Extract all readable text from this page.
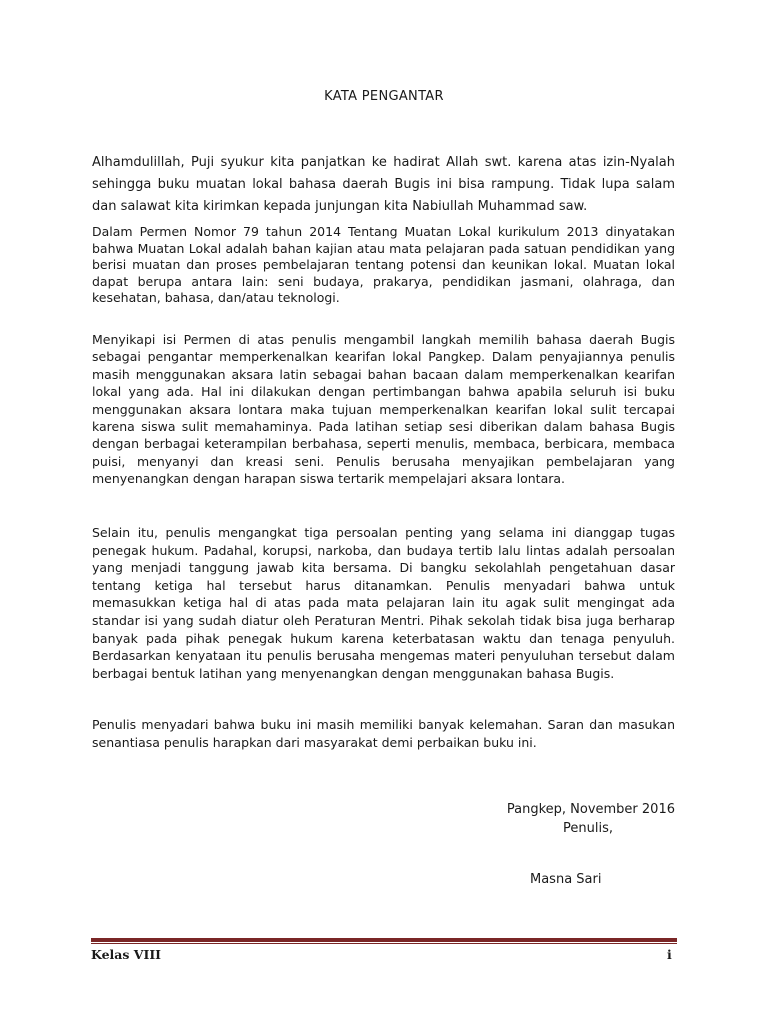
KATA PENGANTAR

Alhamdulillah, Puji syukur kita panjatkan ke hadirat Allah swt. karena atas izin-Nyalah sehingga buku muatan lokal bahasa daerah Bugis ini bisa rampung. Tidak lupa salam dan salawat kita kirimkan kepada junjungan kita Nabiullah Muhammad saw.

Dalam Permen Nomor 79 tahun 2014 Tentang Muatan Lokal kurikulum 2013 dinyatakan bahwa Muatan Lokal adalah bahan kajian atau mata pelajaran pada satuan pendidikan yang berisi muatan dan proses pembelajaran tentang potensi dan keunikan lokal. Muatan lokal dapat berupa antara lain: seni budaya, prakarya, pendidikan jasmani, olahraga, dan kesehatan, bahasa, dan/atau teknologi.

Menyikapi isi Permen di atas penulis mengambil langkah memilih bahasa daerah Bugis sebagai pengantar memperkenalkan kearifan lokal Pangkep. Dalam penyajiannya penulis masih menggunakan aksara latin sebagai bahan bacaan dalam memperkenalkan kearifan lokal yang ada. Hal ini dilakukan dengan pertimbangan bahwa apabila seluruh isi buku menggunakan aksara lontara maka tujuan memperkenalkan kearifan lokal sulit tercapai karena siswa sulit memahaminya. Pada latihan setiap sesi diberikan dalam bahasa Bugis dengan berbagai keterampilan berbahasa, seperti menulis, membaca, berbicara, membaca puisi, menyanyi dan kreasi seni. Penulis berusaha menyajikan pembelajaran yang menyenangkan dengan harapan siswa tertarik mempelajari aksara lontara.

Selain itu, penulis mengangkat tiga persoalan penting yang selama ini dianggap tugas penegak hukum. Padahal, korupsi, narkoba, dan budaya tertib lalu lintas adalah persoalan yang menjadi tanggung jawab kita bersama. Di bangku sekolahlah pengetahuan dasar tentang ketiga hal tersebut harus ditanamkan. Penulis menyadari bahwa untuk memasukkan ketiga hal di atas pada mata pelajaran lain itu agak sulit mengingat ada standar isi yang sudah diatur oleh Peraturan Mentri. Pihak sekolah tidak bisa juga berharap banyak pada pihak penegak hukum karena keterbatasan waktu dan tenaga penyuluh. Berdasarkan kenyataan itu penulis berusaha mengemas materi penyuluhan tersebut dalam berbagai bentuk latihan yang menyenangkan dengan menggunakan bahasa Bugis.

Penulis menyadari bahwa buku ini masih memiliki banyak kelemahan. Saran dan masukan senantiasa penulis harapkan dari masyarakat demi perbaikan buku ini.

Pangkep, November 2016
Penulis,
Masna Sari
Kelas VIII	i
